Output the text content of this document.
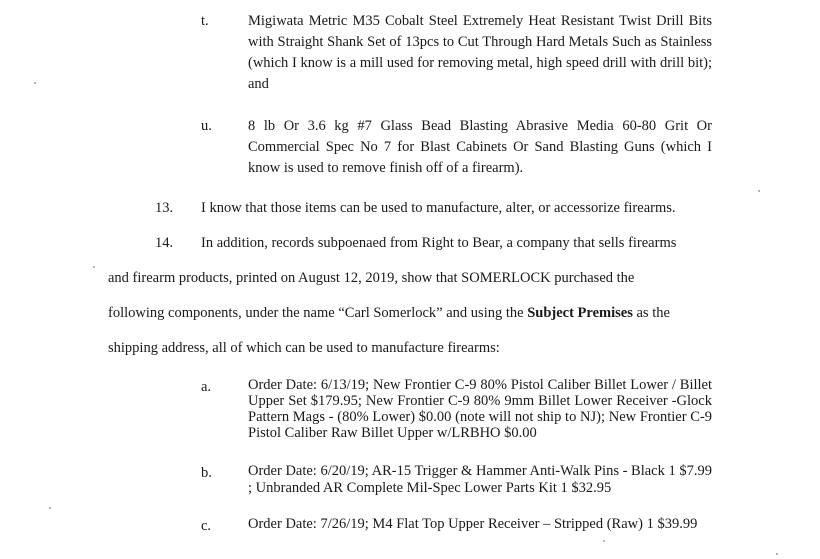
t.	Migiwata Metric M35 Cobalt Steel Extremely Heat Resistant Twist Drill Bits with Straight Shank Set of 13pcs to Cut Through Hard Metals Such as Stainless (which I know is a mill used for removing metal, high speed drill with drill bit); and
u. 8 lb Or 3.6 kg #7 Glass Bead Blasting Abrasive Media 60-80 Grit Or Commercial Spec No 7 for Blast Cabinets Or Sand Blasting Guns (which I know is used to remove finish off of a firearm).
13. I know that those items can be used to manufacture, alter, or accessorize firearms.
14. In addition, records subpoenaed from Right to Bear, a company that sells firearms
and firearm products, printed on August 12, 2019, show that SOMERLOCK purchased the
following components, under the name “Carl Somerlock” and using the Subject Premises as the
shipping address, all of which can be used to manufacture firearms:
a.	Order Date: 6/13/19; New Frontier C-9 80% Pistol Caliber Billet Lower / Billet Upper Set $179.95; New Frontier C-9 80% 9mm Billet Lower Receiver -Glock Pattern Mags - (80% Lower) $0.00 (note will not ship to NJ); New Frontier C-9 Pistol Caliber Raw Billet Upper w/LRBHO $0.00
b. Order Date: 6/20/19; AR-15 Trigger & Hammer Anti-Walk Pins - Black 1 $7.99 ; Unbranded AR Complete Mil-Spec Lower Parts Kit 1 $32.95
c.	Order Date: 7/26/19; M4 Flat Top Upper Receiver – Stripped (Raw) 1 $39.99
